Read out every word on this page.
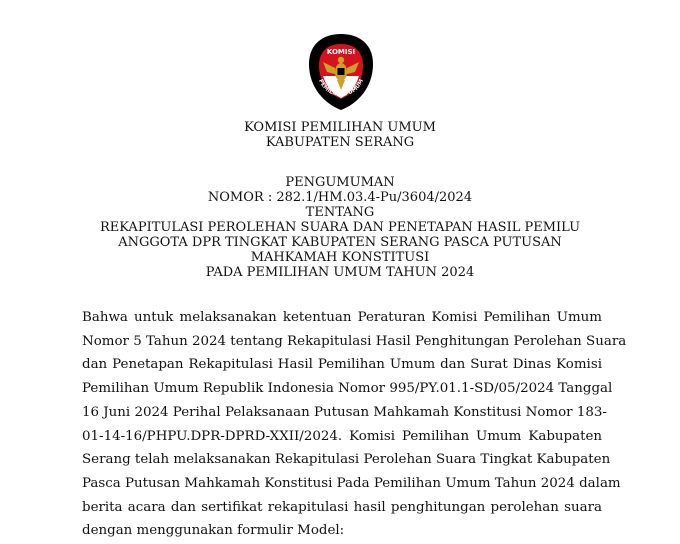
KOMISI
PEMILIHAN UMUM
KOMISI PEMILIHAN UMUM
KABUPATEN SERANG
PENGUMUMAN
NOMOR : 282.1/HM.03.4-Pu/3604/2024
TENTANG
REKAPITULASI PEROLEHAN SUARA DAN PENETAPAN HASIL PEMILU
ANGGOTA DPR TINGKAT KABUPATEN SERANG PASCA PUTUSAN
MAHKAMAH KONSTITUSI
PADA PEMILIHAN UMUM TAHUN 2024
Bahwa untuk melaksanakan ketentuan Peraturan Komisi Pemilihan Umum
Nomor 5 Tahun 2024 tentang Rekapitulasi Hasil Penghitungan Perolehan Suara
dan Penetapan Rekapitulasi Hasil Pemilihan Umum dan Surat Dinas Komisi
Pemilihan Umum Republik Indonesia Nomor 995/PY.01.1-SD/05/2024 Tanggal
16 Juni 2024 Perihal Pelaksanaan Putusan Mahkamah Konstitusi Nomor 183-
01-14-16/PHPU.DPR-DPRD-XXII/2024. Komisi Pemilihan Umum Kabupaten
Serang telah melaksanakan Rekapitulasi Perolehan Suara Tingkat Kabupaten
Pasca Putusan Mahkamah Konstitusi Pada Pemilihan Umum Tahun 2024 dalam
berita acara dan sertifikat rekapitulasi hasil penghitungan perolehan suara
dengan menggunakan formulir Model:
